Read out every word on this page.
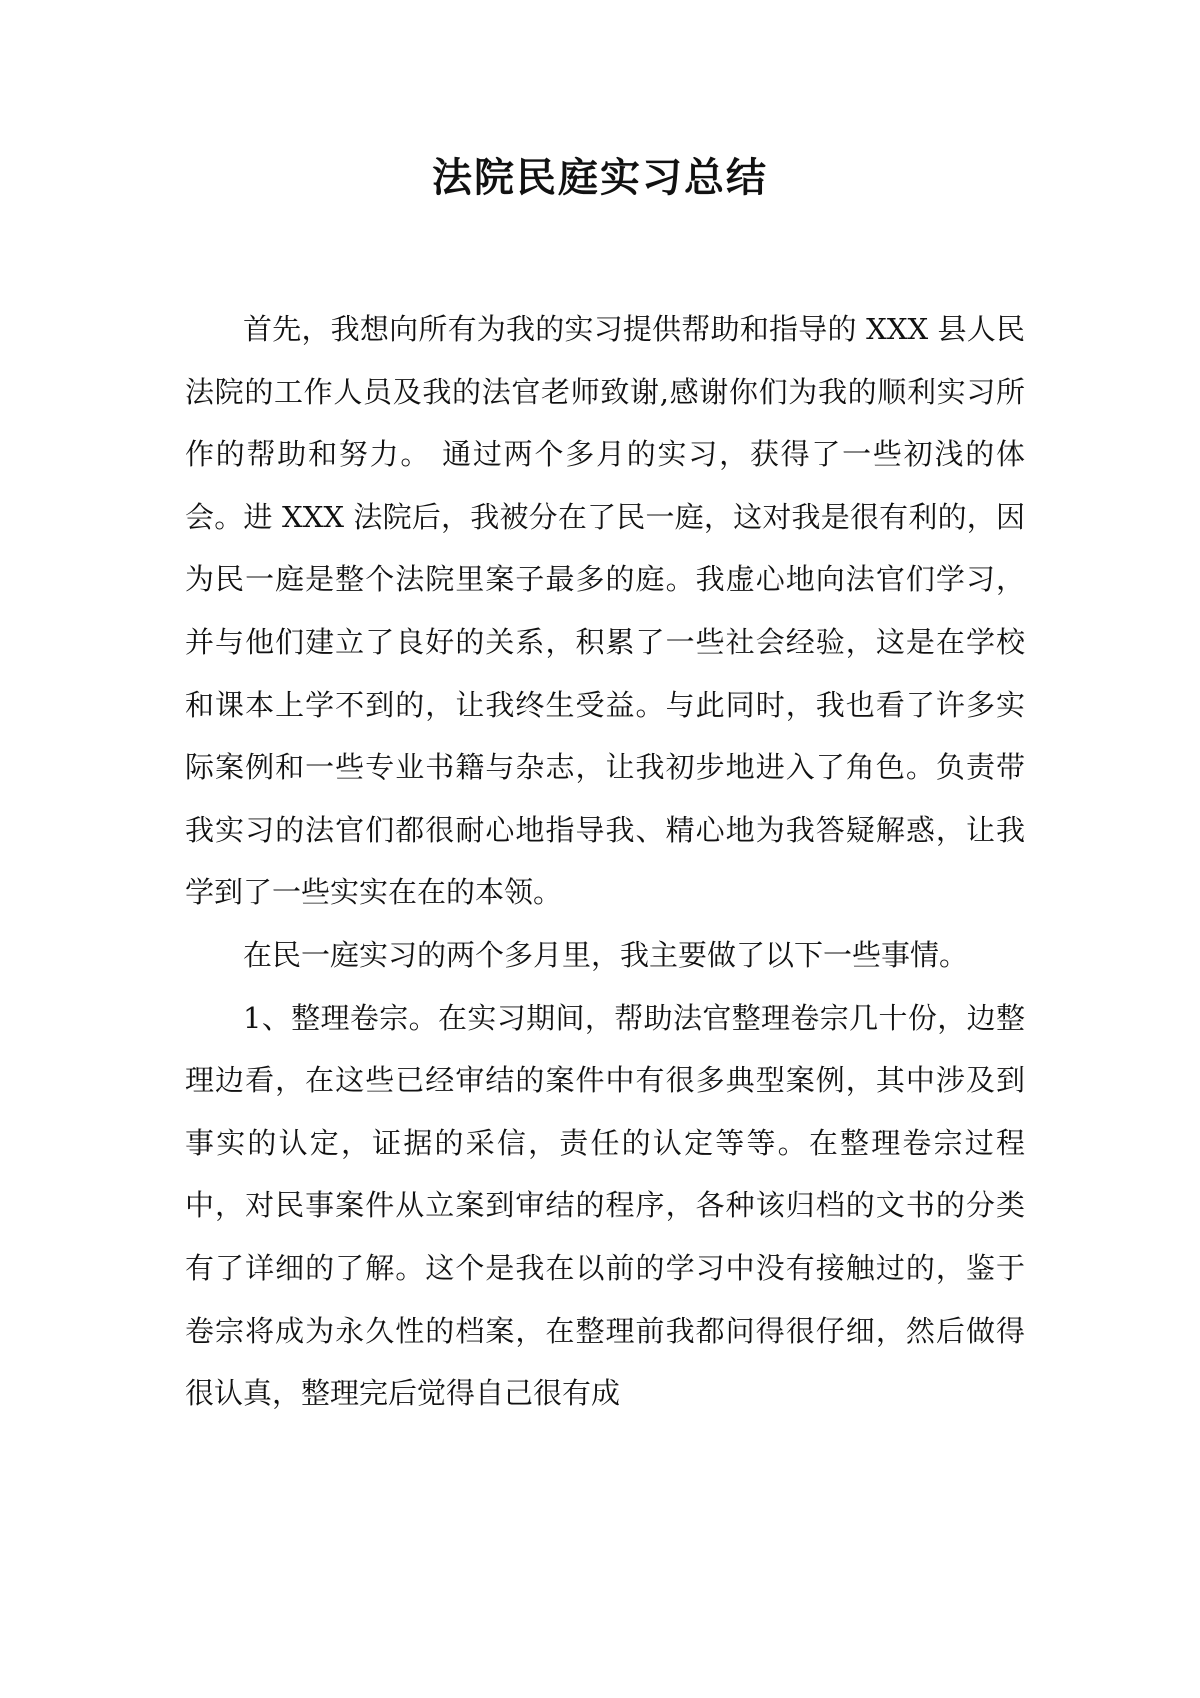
法院民庭实习总结

首先，我想向所有为我的实习提供帮助和指导的 XXX 县人民法院的工作人员及我的法官老师致谢,感谢你们为我的顺利实习所作的帮助和努力。 通过两个多月的实习，获得了一些初浅的体会。进 XXX 法院后，我被分在了民一庭，这对我是很有利的，因为民一庭是整个法院里案子最多的庭。我虚心地向法官们学习，并与他们建立了良好的关系，积累了一些社会经验，这是在学校和课本上学不到的，让我终生受益。与此同时，我也看了许多实际案例和一些专业书籍与杂志，让我初步地进入了角色。负责带我实习的法官们都很耐心地指导我、精心地为我答疑解惑，让我学到了一些实实在在的本领。

在民一庭实习的两个多月里，我主要做了以下一些事情。

1、整理卷宗。在实习期间，帮助法官整理卷宗几十份，边整理边看，在这些已经审结的案件中有很多典型案例，其中涉及到事实的认定，证据的采信，责任的认定等等。在整理卷宗过程中，对民事案件从立案到审结的程序，各种该归档的文书的分类有了详细的了解。这个是我在以前的学习中没有接触过的，鉴于卷宗将成为永久性的档案，在整理前我都问得很仔细，然后做得很认真，整理完后觉得自己很有成
